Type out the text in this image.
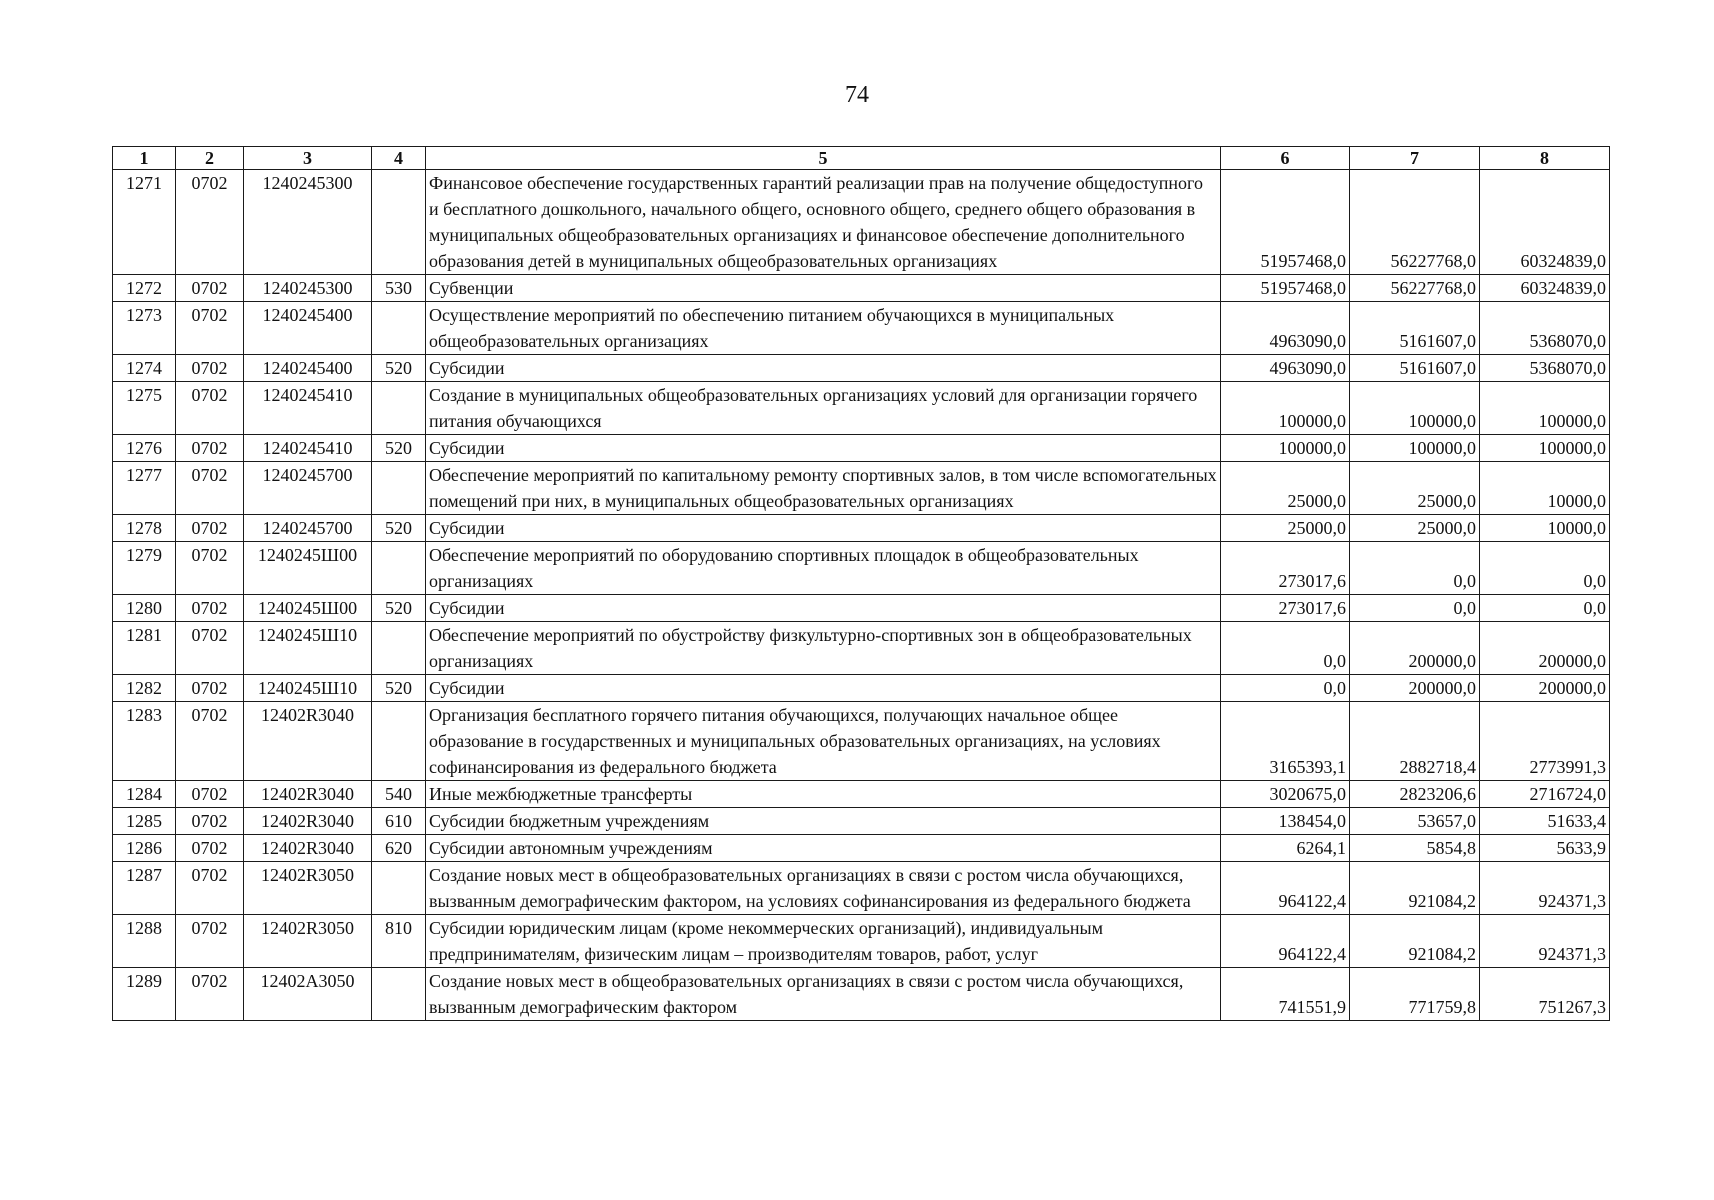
74
1	2	3	4	5	6	7	8
1271	0702	1240245300		Финансовое обеспечение государственных гарантий реализации прав на получение общедоступного и бесплатного дошкольного, начального общего, основного общего, среднего общего образования в муниципальных общеобразовательных организациях и финансовое обеспечение дополнительного образования детей в муниципальных общеобразовательных организациях	51957468,0	56227768,0	60324839,0
1272	0702	1240245300	530	Субвенции	51957468,0	56227768,0	60324839,0
1273	0702	1240245400		Осуществление мероприятий по обеспечению питанием обучающихся в муниципальных общеобразовательных организациях	4963090,0	5161607,0	5368070,0
1274	0702	1240245400	520	Субсидии	4963090,0	5161607,0	5368070,0
1275	0702	1240245410		Создание в муниципальных общеобразовательных организациях условий для организации горячего питания обучающихся	100000,0	100000,0	100000,0
1276	0702	1240245410	520	Субсидии	100000,0	100000,0	100000,0
1277	0702	1240245700		Обеспечение мероприятий по капитальному ремонту спортивных залов, в том числе вспомогательных помещений при них, в муниципальных общеобразовательных организациях	25000,0	25000,0	10000,0
1278	0702	1240245700	520	Субсидии	25000,0	25000,0	10000,0
1279	0702	1240245Ш00		Обеспечение мероприятий по оборудованию спортивных площадок в общеобразовательных организациях	273017,6	0,0	0,0
1280	0702	1240245Ш00	520	Субсидии	273017,6	0,0	0,0
1281	0702	1240245Ш10		Обеспечение мероприятий по обустройству физкультурно-спортивных зон в общеобразовательных организациях	0,0	200000,0	200000,0
1282	0702	1240245Ш10	520	Субсидии	0,0	200000,0	200000,0
1283	0702	12402R3040		Организация бесплатного горячего питания обучающихся, получающих начальное общее образование в государственных и муниципальных образовательных организациях, на условиях софинансирования из федерального бюджета	3165393,1	2882718,4	2773991,3
1284	0702	12402R3040	540	Иные межбюджетные трансферты	3020675,0	2823206,6	2716724,0
1285	0702	12402R3040	610	Субсидии бюджетным учреждениям	138454,0	53657,0	51633,4
1286	0702	12402R3040	620	Субсидии автономным учреждениям	6264,1	5854,8	5633,9
1287	0702	12402R3050		Создание новых мест в общеобразовательных организациях в связи с ростом числа обучающихся, вызванным демографическим фактором, на условиях софинансирования из федерального бюджета	964122,4	921084,2	924371,3
1288	0702	12402R3050	810	Субсидии юридическим лицам (кроме некоммерческих организаций), индивидуальным предпринимателям, физическим лицам – производителям товаров, работ, услуг	964122,4	921084,2	924371,3
1289	0702	12402А3050		Создание новых мест в общеобразовательных организациях в связи с ростом числа обучающихся, вызванным демографическим фактором	741551,9	771759,8	751267,3
